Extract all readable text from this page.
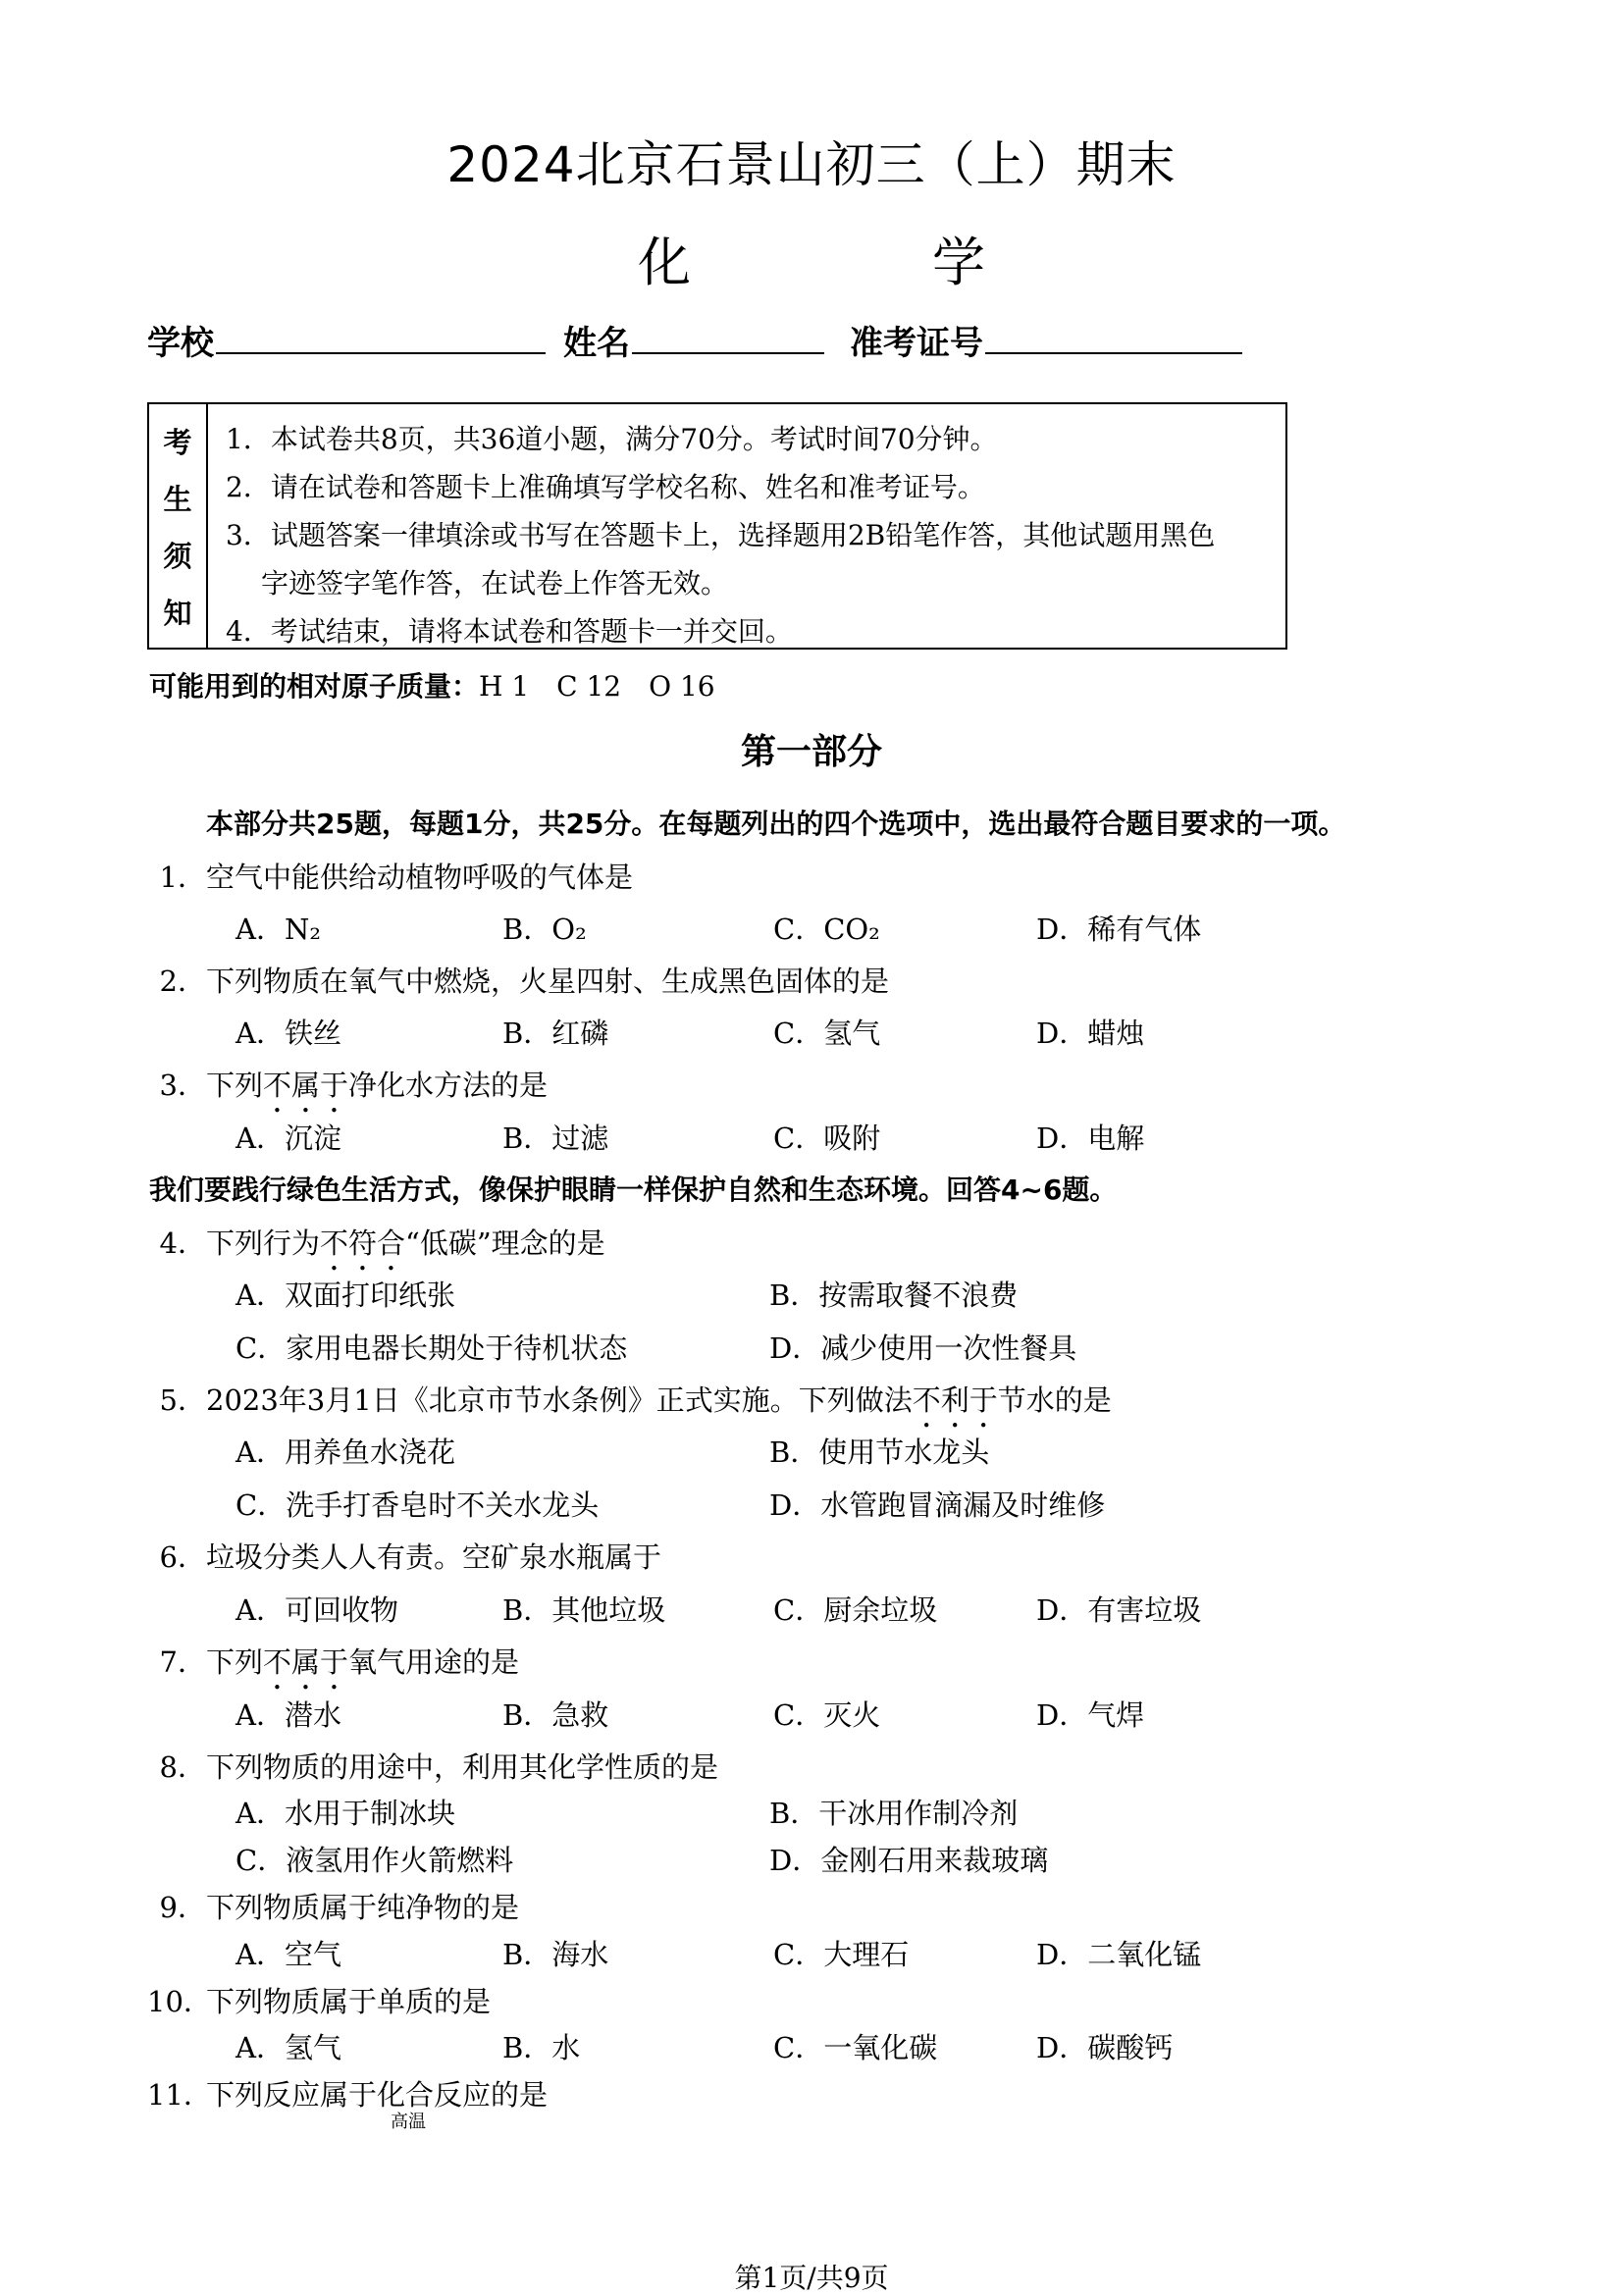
2024北京石景山初三（上）期末
化　学
学校	姓名	准考证号
考
生
须
知
1．本试卷共8页，共36道小题，满分70分。考试时间70分钟。
2．请在试卷和答题卡上准确填写学校名称、姓名和准考证号。
3．试题答案一律填涂或书写在答题卡上，选择题用2B铅笔作答，其他试题用黑色
字迹签字笔作答，在试卷上作答无效。
4．考试结束，请将本试卷和答题卡一并交回。
可能用到的相对原子质量：H 1　C 12　O 16
第一部分
本部分共25题，每题1分，共25分。在每题列出的四个选项中，选出最符合题目要求的一项。
1．空气中能供给动植物呼吸的气体是
A．N₂	B．O₂	C．CO₂	D．稀有气体
2．下列物质在氧气中燃烧，火星四射、生成黑色固体的是
A．铁丝	B．红磷	C．氢气	D．蜡烛
3．下列不属于净化水方法的是
A．沉淀	B．过滤	C．吸附	D．电解
我们要践行绿色生活方式，像保护眼睛一样保护自然和生态环境。回答4~6题。
4．下列行为不符合“低碳”理念的是
A．双面打印纸张	B．按需取餐不浪费
C．家用电器长期处于待机状态	D．减少使用一次性餐具
5．2023年3月1日《北京市节水条例》正式实施。下列做法不利于节水的是
A．用养鱼水浇花	B．使用节水龙头
C．洗手打香皂时不关水龙头	D．水管跑冒滴漏及时维修
6．垃圾分类人人有责。空矿泉水瓶属于
A．可回收物	B．其他垃圾	C．厨余垃圾	D．有害垃圾
7．下列不属于氧气用途的是
A．潜水	B．急救	C．灭火	D．气焊
8．下列物质的用途中，利用其化学性质的是
A．水用于制冰块	B．干冰用作制冷剂
C．液氢用作火箭燃料	D．金刚石用来裁玻璃
9．下列物质属于纯净物的是
A．空气	B．海水	C．大理石	D．二氧化锰
10．下列物质属于单质的是
A．氢气	B．水	C．一氧化碳	D．碳酸钙
11．下列反应属于化合反应的是
高温
第1页/共9页
